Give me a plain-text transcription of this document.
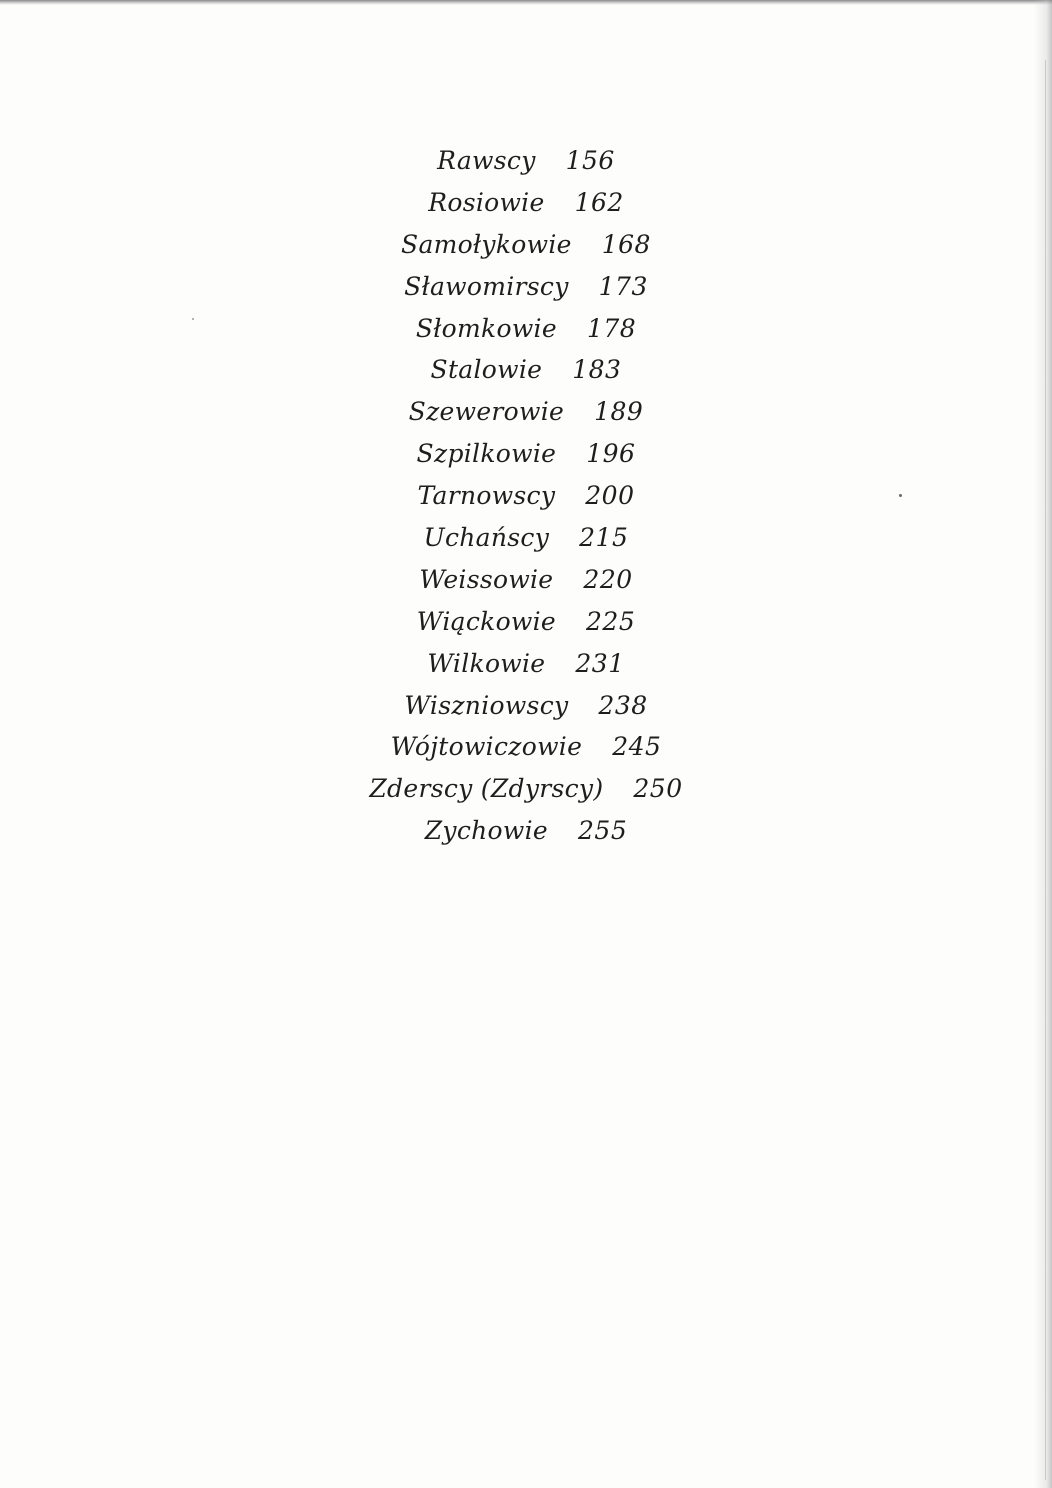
Rawscy 156
Rosiowie 162
Samołykowie 168
Sławomirscy 173
Słomkowie 178
Stalowie 183
Szewerowie 189
Szpilkowie 196
Tarnowscy 200
Uchańscy 215
Weissowie 220
Wiąckowie 225
Wilkowie 231
Wiszniowscy 238
Wójtowiczowie 245
Zderscy (Zdyrscy) 250
Zychowie 255
